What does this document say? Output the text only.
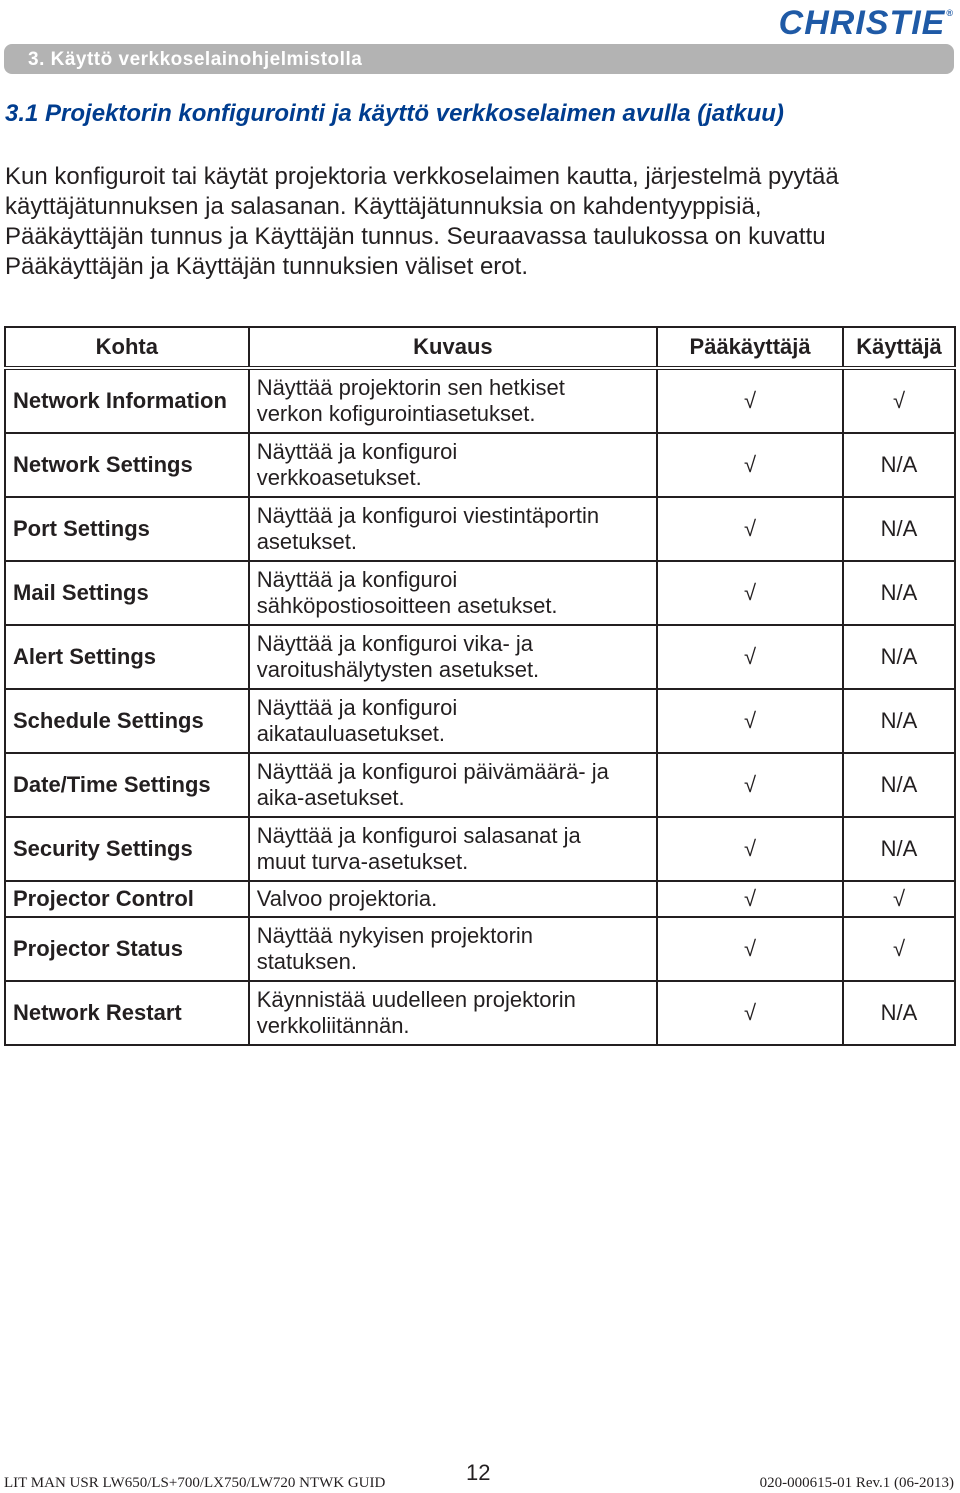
CHRISTIE®
3. Käyttö verkkoselainohjelmistolla
3.1 Projektorin konfigurointi ja käyttö verkkoselaimen avulla (jatkuu)

Kun konfiguroit tai käytät projektoria verkkoselaimen kautta, järjestelmä pyytää
käyttäjätunnuksen ja salasanan. Käyttäjätunnuksia on kahdentyyppisiä,
Pääkäyttäjän tunnus ja Käyttäjän tunnus. Seuraavassa taulukossa on kuvattu
Pääkäyttäjän ja Käyttäjän tunnuksien väliset erot.

Kohta	Kuvaus	Pääkäyttäjä	Käyttäjä
Network Information	Näyttää projektorin sen hetkiset
verkon kofigurointiasetukset.	√	√
Network Settings	Näyttää ja konfiguroi
verkkoasetukset.	√	N/A
Port Settings	Näyttää ja konfiguroi viestintäportin
asetukset.	√	N/A
Mail Settings	Näyttää ja konfiguroi
sähköpostiosoitteen asetukset.	√	N/A
Alert Settings	Näyttää ja konfiguroi vika- ja
varoitushälytysten asetukset.	√	N/A
Schedule Settings	Näyttää ja konfiguroi
aikatauluasetukset.	√	N/A
Date/Time Settings	Näyttää ja konfiguroi päivämäärä- ja
aika-asetukset.	√	N/A
Security Settings	Näyttää ja konfiguroi salasanat ja
muut turva-asetukset.	√	N/A
Projector Control	Valvoo projektoria.	√	√
Projector Status	Näyttää nykyisen projektorin
statuksen.	√	√
Network Restart	Käynnistää uudelleen projektorin
verkkoliitännän.	√	N/A
LIT MAN USR LW650/LS+700/LX750/LW720 NTWK GUID	12	020-000615-01 Rev.1 (06-2013)
